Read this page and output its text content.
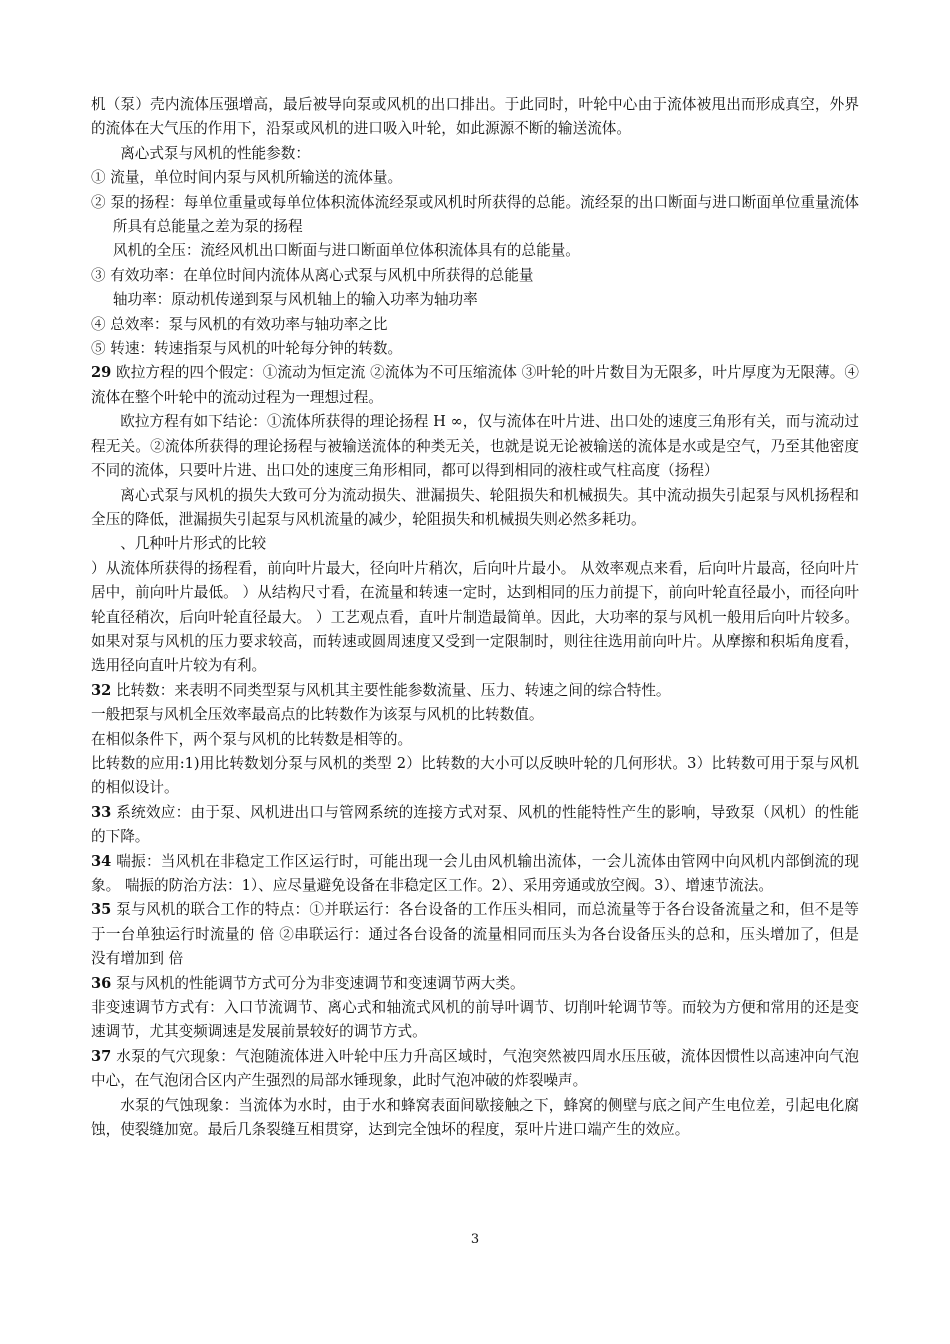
机（泵）壳内流体压强增高，最后被导向泵或风机的出口排出。于此同时，叶轮中心由于流体被甩出而形成真空，外界的流体在大气压的作用下，沿泵或风机的进口吸入叶轮，如此源源不断的输送流体。

离心式泵与风机的性能参数：

① 流量，单位时间内泵与风机所输送的流体量。

② 泵的扬程：每单位重量或每单位体积流体流经泵或风机时所获得的总能。流经泵的出口断面与进口断面单位重量流体所具有总能量之差为泵的扬程

风机的全压：流经风机出口断面与进口断面单位体积流体具有的总能量。

③ 有效功率：在单位时间内流体从离心式泵与风机中所获得的总能量

轴功率：原动机传递到泵与风机轴上的输入功率为轴功率

④ 总效率：泵与风机的有效功率与轴功率之比

⑤ 转速：转速指泵与风机的叶轮每分钟的转数。

29 欧拉方程的四个假定：①流动为恒定流 ②流体为不可压缩流体 ③叶轮的叶片数目为无限多，叶片厚度为无限薄。④流体在整个叶轮中的流动过程为一理想过程。

欧拉方程有如下结论：①流体所获得的理论扬程 H ∞，仅与流体在叶片进、出口处的速度三角形有关，而与流动过程无关。②流体所获得的理论扬程与被输送流体的种类无关，也就是说无论被输送的流体是水或是空气，乃至其他密度不同的流体，只要叶片进、出口处的速度三角形相同，都可以得到相同的液柱或气柱高度（扬程）

离心式泵与风机的损失大致可分为流动损失、泄漏损失、轮阻损失和机械损失。其中流动损失引起泵与风机扬程和全压的降低，泄漏损失引起泵与风机流量的减少，轮阻损失和机械损失则必然多耗功。

、几种叶片形式的比较

）从流体所获得的扬程看，前向叶片最大，径向叶片稍次，后向叶片最小。 从效率观点来看，后向叶片最高，径向叶片居中，前向叶片最低。 ）从结构尺寸看，在流量和转速一定时，达到相同的压力前提下，前向叶轮直径最小，而径向叶轮直径稍次，后向叶轮直径最大。 ）工艺观点看，直叶片制造最简单。因此，大功率的泵与风机一般用后向叶片较多。如果对泵与风机的压力要求较高，而转速或圆周速度又受到一定限制时，则往往选用前向叶片。从摩擦和积垢角度看，选用径向直叶片较为有利。

32 比转数：来表明不同类型泵与风机其主要性能参数流量、压力、转速之间的综合特性。

一般把泵与风机全压效率最高点的比转数作为该泵与风机的比转数值。

在相似条件下，两个泵与风机的比转数是相等的。

比转数的应用:1)用比转数划分泵与风机的类型 2）比转数的大小可以反映叶轮的几何形状。3）比转数可用于泵与风机的相似设计。

33 系统效应：由于泵、风机进出口与管网系统的连接方式对泵、风机的性能特性产生的影响，导致泵（风机）的性能的下降。

34 喘振：当风机在非稳定工作区运行时，可能出现一会儿由风机输出流体，一会儿流体由管网中向风机内部倒流的现象。 喘振的防治方法：1）、应尽量避免设备在非稳定区工作。2）、采用旁通或放空阀。3）、增速节流法。

35 泵与风机的联合工作的特点：①并联运行：各台设备的工作压头相同，而总流量等于各台设备流量之和，但不是等于一台单独运行时流量的 倍 ②串联运行：通过各台设备的流量相同而压头为各台设备压头的总和，压头增加了，但是没有增加到 倍

36 泵与风机的性能调节方式可分为非变速调节和变速调节两大类。

非变速调节方式有：入口节流调节、离心式和轴流式风机的前导叶调节、切削叶轮调节等。而较为方便和常用的还是变速调节，尤其变频调速是发展前景较好的调节方式。

37 水泵的气穴现象：气泡随流体进入叶轮中压力升高区域时，气泡突然被四周水压压破，流体因惯性以高速冲向气泡中心，在气泡闭合区内产生强烈的局部水锤现象，此时气泡冲破的炸裂噪声。

水泵的气蚀现象：当流体为水时，由于水和蜂窝表面间歇接触之下，蜂窝的侧壁与底之间产生电位差，引起电化腐蚀，使裂缝加宽。最后几条裂缝互相贯穿，达到完全蚀坏的程度，泵叶片进口端产生的效应。

3
